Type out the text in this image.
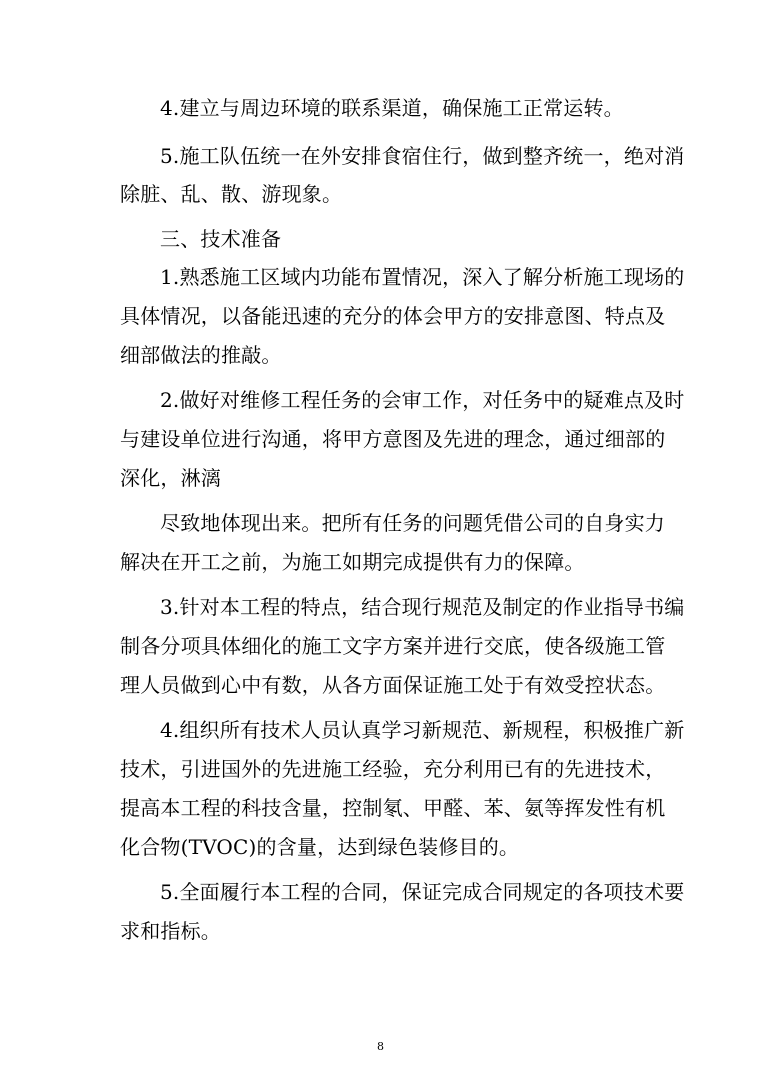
4.建立与周边环境的联系渠道，确保施工正常运转。
5.施工队伍统一在外安排食宿住行，做到整齐统一，绝对消
除脏、乱、散、游现象。
三、技术准备
1.熟悉施工区域内功能布置情况，深入了解分析施工现场的
具体情况，以备能迅速的充分的体会甲方的安排意图、特点及
细部做法的推敲。
2.做好对维修工程任务的会审工作，对任务中的疑难点及时
与建设单位进行沟通，将甲方意图及先进的理念，通过细部的
深化，淋漓
尽致地体现出来。把所有任务的问题凭借公司的自身实力
解决在开工之前，为施工如期完成提供有力的保障。
3.针对本工程的特点，结合现行规范及制定的作业指导书编
制各分项具体细化的施工文字方案并进行交底，使各级施工管
理人员做到心中有数，从各方面保证施工处于有效受控状态。
4.组织所有技术人员认真学习新规范、新规程，积极推广新
技术，引进国外的先进施工经验，充分利用已有的先进技术，
提高本工程的科技含量，控制氡、甲醛、苯、氨等挥发性有机
化合物(TVOC)的含量，达到绿色装修目的。
5.全面履行本工程的合同，保证完成合同规定的各项技术要
求和指标。
8
